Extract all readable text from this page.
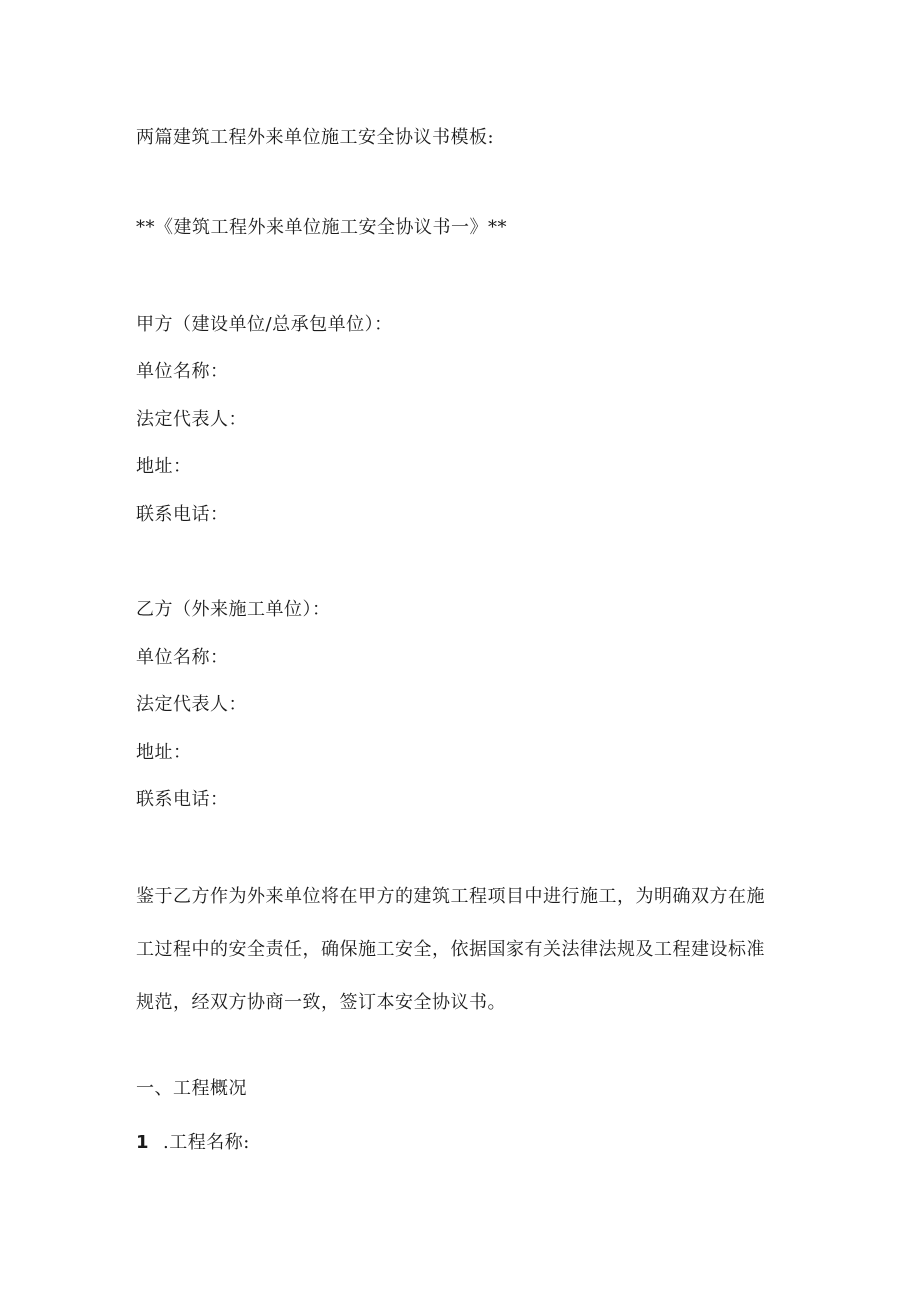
两篇建筑工程外来单位施工安全协议书模板:
**《建筑工程外来单位施工安全协议书一》**
甲方（建设单位/总承包单位）：
单位名称：
法定代表人：
地址：
联系电话：
乙方（外来施工单位）：
单位名称：
法定代表人：
地址：
联系电话：
鉴于乙方作为外来单位将在甲方的建筑工程项目中进行施工，为明确双方在施
工过程中的安全责任，确保施工安全，依据国家有关法律法规及工程建设标准
规范，经双方协商一致，签订本安全协议书。
一、工程概况
1 .工程名称:
